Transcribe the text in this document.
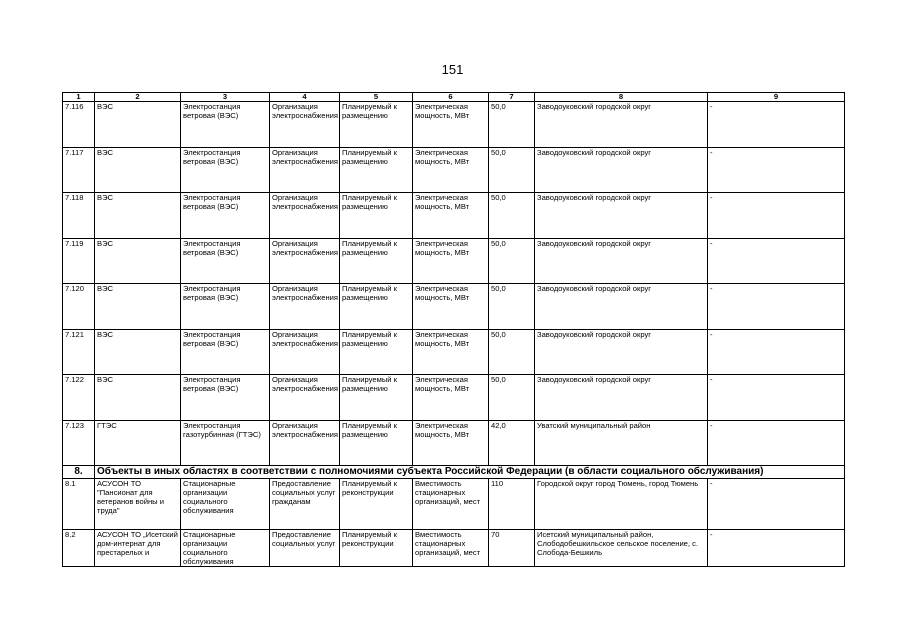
151
1	2	3	4	5	6	7	8	9
7.116	ВЭС	Электростанция ветровая (ВЭС)	Организация электроснабжения	Планируемый к размещению	Электрическая мощность, МВт	50,0	Заводоуковский городской округ	-
7.117	ВЭС	Электростанция ветровая (ВЭС)	Организация электроснабжения	Планируемый к размещению	Электрическая мощность, МВт	50,0	Заводоуковский городской округ	-
7.118	ВЭС	Электростанция ветровая (ВЭС)	Организация электроснабжения	Планируемый к размещению	Электрическая мощность, МВт	50,0	Заводоуковский городской округ	-
7.119	ВЭС	Электростанция ветровая (ВЭС)	Организация электроснабжения	Планируемый к размещению	Электрическая мощность, МВт	50,0	Заводоуковский городской округ	-
7.120	ВЭС	Электростанция ветровая (ВЭС)	Организация электроснабжения	Планируемый к размещению	Электрическая мощность, МВт	50,0	Заводоуковский городской округ	-
7.121	ВЭС	Электростанция ветровая (ВЭС)	Организация электроснабжения	Планируемый к размещению	Электрическая мощность, МВт	50,0	Заводоуковский городской округ	-
7.122	ВЭС	Электростанция ветровая (ВЭС)	Организация электроснабжения	Планируемый к размещению	Электрическая мощность, МВт	50,0	Заводоуковский городской округ	-
7.123	ГТЭС	Электростанция газотурбинная (ГТЭС)	Организация электроснабжения	Планируемый к размещению	Электрическая мощность, МВт	42,0	Уватский муниципальный район	-
8.	Объекты в иных областях в соответствии с полномочиями субъекта Российской Федерации (в области социального обслуживания)							
8.1	АСУСОН ТО "Пансионат для ветеранов войны и труда"	Стационарные организации социального обслуживания	Предоставление социальных услуг гражданам	Планируемый к реконструкции	Вместимость стационарных организаций, мест	110	Городской округ город Тюмень, город Тюмень	-
8.2	АСУСОН ТО „Исетский дом-интернат для престарелых и	Стационарные организации социального обслуживания	Предоставление социальных услуг	Планируемый к реконструкции	Вместимость стационарных организаций, мест	70	Исетский муниципальный район, Слободобешкильское сельское поселение, с. Слобода-Бешкиль	-
